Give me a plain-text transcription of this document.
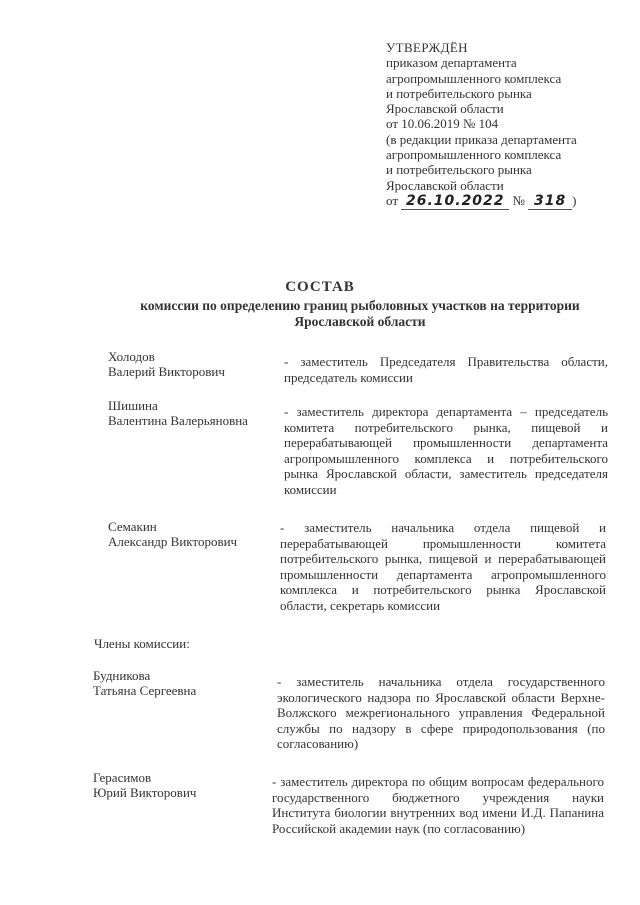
УТВЕРЖДЁН
приказом департамента
агропромышленного комплекса
и потребительского рынка
Ярославской области
от 10.06.2019 № 104
(в редакции приказа департамента
агропромышленного комплекса
и потребительского рынка
Ярославской области
от 26.10.2022 № 318 )
СОСТАВ
комиссии по определению границ рыболовных участков на территории
Ярославской области
Холодов
Валерий Викторович
- заместитель Председателя Правительства области, председатель комиссии
Шишина
Валентина Валерьяновна
- заместитель директора департамента – председатель комитета потребительского рынка, пищевой и перерабатывающей промышленности департамента агропромышленного комплекса и потребительского рынка Ярославской области, заместитель председателя комиссии
Семакин
Александр Викторович
- заместитель начальника отдела пищевой и перерабатывающей промышленности комитета потребительского рынка, пищевой и перерабатывающей промышленности департамента агропромышленного комплекса и потребительского рынка Ярославской области, секретарь комиссии
Члены комиссии:
Будникова
Татьяна Сергеевна
- заместитель начальника отдела государственного экологического надзора по Ярославской области Верхне-Волжского межрегионального управления Федеральной службы по надзору в сфере природопользования (по согласованию)
Герасимов
Юрий Викторович
- заместитель директора по общим вопросам федерального государственного бюджетного учреждения науки Института биологии внутренних вод имени И.Д. Папанина Российской академии наук (по согласованию)
